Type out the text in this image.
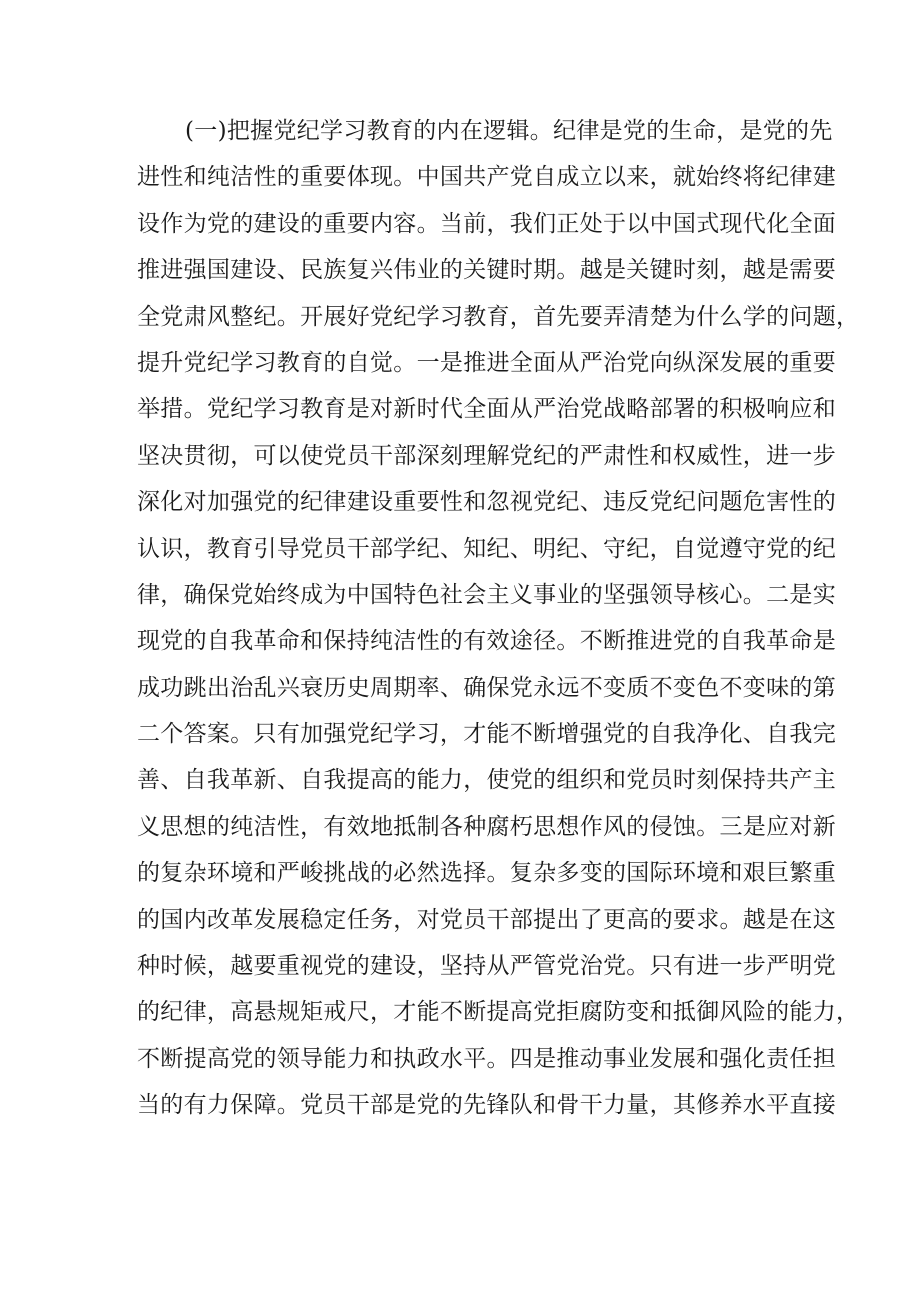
(一)把握党纪学习教育的内在逻辑。纪律是党的生命，是党的先
进性和纯洁性的重要体现。中国共产党自成立以来，就始终将纪律建
设作为党的建设的重要内容。当前，我们正处于以中国式现代化全面
推进强国建设、民族复兴伟业的关键时期。越是关键时刻，越是需要
全党肃风整纪。开展好党纪学习教育，首先要弄清楚为什么学的问题，
提升党纪学习教育的自觉。一是推进全面从严治党向纵深发展的重要
举措。党纪学习教育是对新时代全面从严治党战略部署的积极响应和
坚决贯彻，可以使党员干部深刻理解党纪的严肃性和权威性，进一步
深化对加强党的纪律建设重要性和忽视党纪、违反党纪问题危害性的
认识，教育引导党员干部学纪、知纪、明纪、守纪，自觉遵守党的纪
律，确保党始终成为中国特色社会主义事业的坚强领导核心。二是实
现党的自我革命和保持纯洁性的有效途径。不断推进党的自我革命是
成功跳出治乱兴衰历史周期率、确保党永远不变质不变色不变味的第
二个答案。只有加强党纪学习，才能不断增强党的自我净化、自我完
善、自我革新、自我提高的能力，使党的组织和党员时刻保持共产主
义思想的纯洁性，有效地抵制各种腐朽思想作风的侵蚀。三是应对新
的复杂环境和严峻挑战的必然选择。复杂多变的国际环境和艰巨繁重
的国内改革发展稳定任务，对党员干部提出了更高的要求。越是在这
种时候，越要重视党的建设，坚持从严管党治党。只有进一步严明党
的纪律，高悬规矩戒尺，才能不断提高党拒腐防变和抵御风险的能力，
不断提高党的领导能力和执政水平。四是推动事业发展和强化责任担
当的有力保障。党员干部是党的先锋队和骨干力量，其修养水平直接
